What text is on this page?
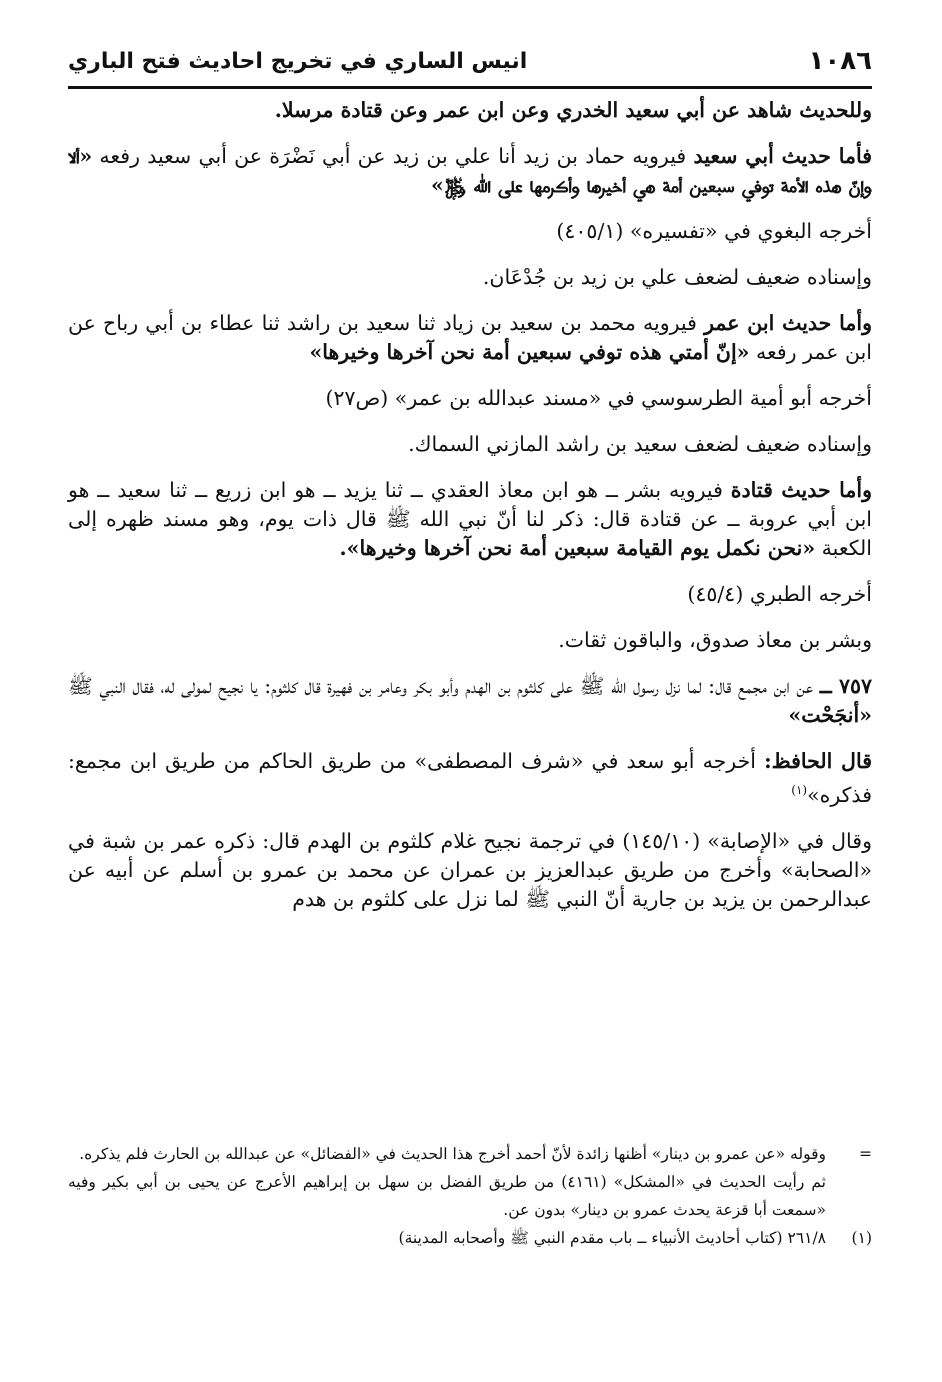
١٠٨٦
انيس الساري في تخريج احاديث فتح الباري

وللحديث شاهد عن أبي سعيد الخدري وعن ابن عمر وعن قتادة مرسلا.

فأما حديث أبي سعيد فيرويه حماد بن زيد أنا علي بن زيد عن أبي نَضْرَة عن أبي سعيد رفعه «ألا وإنّ هذه الأمة توفي سبعين أمة هي أخيرها وأكرمها على الله ﷿»

أخرجه البغوي في «تفسيره» (٤٠٥/١)

وإسناده ضعيف لضعف علي بن زيد بن جُدْعَان.

وأما حديث ابن عمر فيرويه محمد بن سعيد بن زياد ثنا سعيد بن راشد ثنا عطاء بن أبي رباح عن ابن عمر رفعه «إنّ أمتي هذه توفي سبعين أمة نحن آخرها وخيرها»

أخرجه أبو أمية الطرسوسي في «مسند عبدالله بن عمر» (ص٢٧)

وإسناده ضعيف لضعف سعيد بن راشد المازني السماك.

وأما حديث قتادة فيرويه بشر ــ هو ابن معاذ العقدي ــ ثنا يزيد ــ هو ابن زريع ــ ثنا سعيد ــ هو ابن أبي عروبة ــ عن قتادة قال: ذكر لنا أنّ نبي الله ﷺ قال ذات يوم، وهو مسند ظهره إلى الكعبة «نحن نكمل يوم القيامة سبعين أمة نحن آخرها وخيرها».

أخرجه الطبري (٤٥/٤)

وبشر بن معاذ صدوق، والباقون ثقات.

٧٥٧ ــ عن ابن مجمع قال: لما نزل رسول الله ﷺ على كلثوم بن الهدم وأبو بكر وعامر بن فهيرة قال كلثوم: يا نجيح لمولى له، فقال النبي ﷺ «أنجَحْت»

قال الحافظ: أخرجه أبو سعد في «شرف المصطفى» من طريق الحاكم من طريق ابن مجمع: فذكره»$^{(١)}$

وقال في «الإصابة» (١٤٥/١٠) في ترجمة نجيح غلام كلثوم بن الهدم قال: ذكره عمر بن شبة في «الصحابة» وأخرج من طريق عبدالعزيز بن عمران عن محمد بن عمرو بن أسلم عن أبيه عن عبدالرحمن بن يزيد بن جارية أنّ النبي ﷺ لما نزل على كلثوم بن هدم

=
وقوله «عن عمرو بن دينار» أظنها زائدة لأنّ أحمد أخرج هذا الحديث في «الفضائل» عن عبدالله بن الحارث فلم يذكره.
ثم رأيت الحديث في «المشكل» (٤١٦١) من طريق الفضل بن سهل بن إبراهيم الأعرج عن يحيى بن أبي بكير وفيه «سمعت أبا قزعة يحدث عمرو بن دينار» بدون عن.
(١)
٢٦١/٨ (كتاب أحاديث الأنبياء ــ باب مقدم النبي ﷺ وأصحابه المدينة)
